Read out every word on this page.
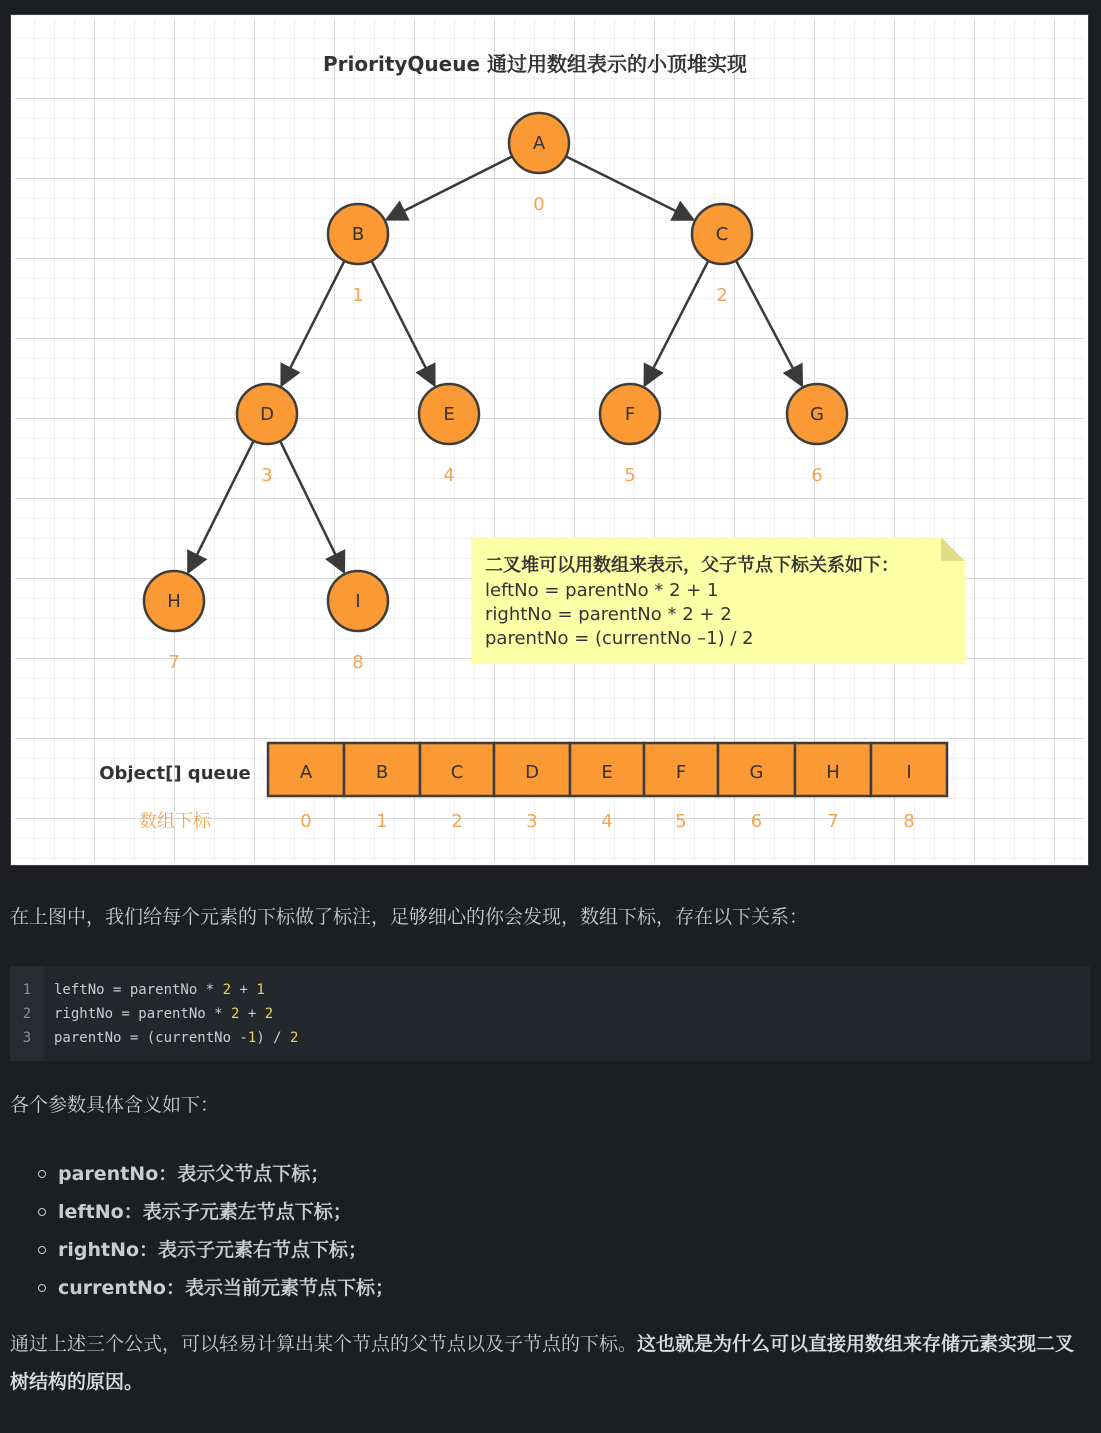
PriorityQueue 通过用数组表示的小顶堆实现
A
0
B
1
C
2
D
3
E
4
F
5
G
6
H
7
I
8
二叉堆可以用数组来表示，父子节点下标关系如下：
leftNo = parentNo * 2 + 1
rightNo = parentNo * 2 + 2
parentNo = (currentNo –1) / 2
Object[] queue
数组下标
A
0
B
1
C
2
D
3
E
4
F
5
G
6
H
7
I
8

在上图中，我们给每个元素的下标做了标注，足够细心的你会发现，数组下标，存在以下关系：

1
2
3
leftNo = parentNo * 2 + 1
rightNo = parentNo * 2 + 2
parentNo = (currentNo -1) / 2

各个参数具体含义如下：

parentNo：表示父节点下标；
leftNo：表示子元素左节点下标；
rightNo：表示子元素右节点下标；
currentNo：表示当前元素节点下标；

通过上述三个公式，可以轻易计算出某个节点的父节点以及子节点的下标。这也就是为什么可以直接用数组来存储元素实现二叉树结构的原因。
